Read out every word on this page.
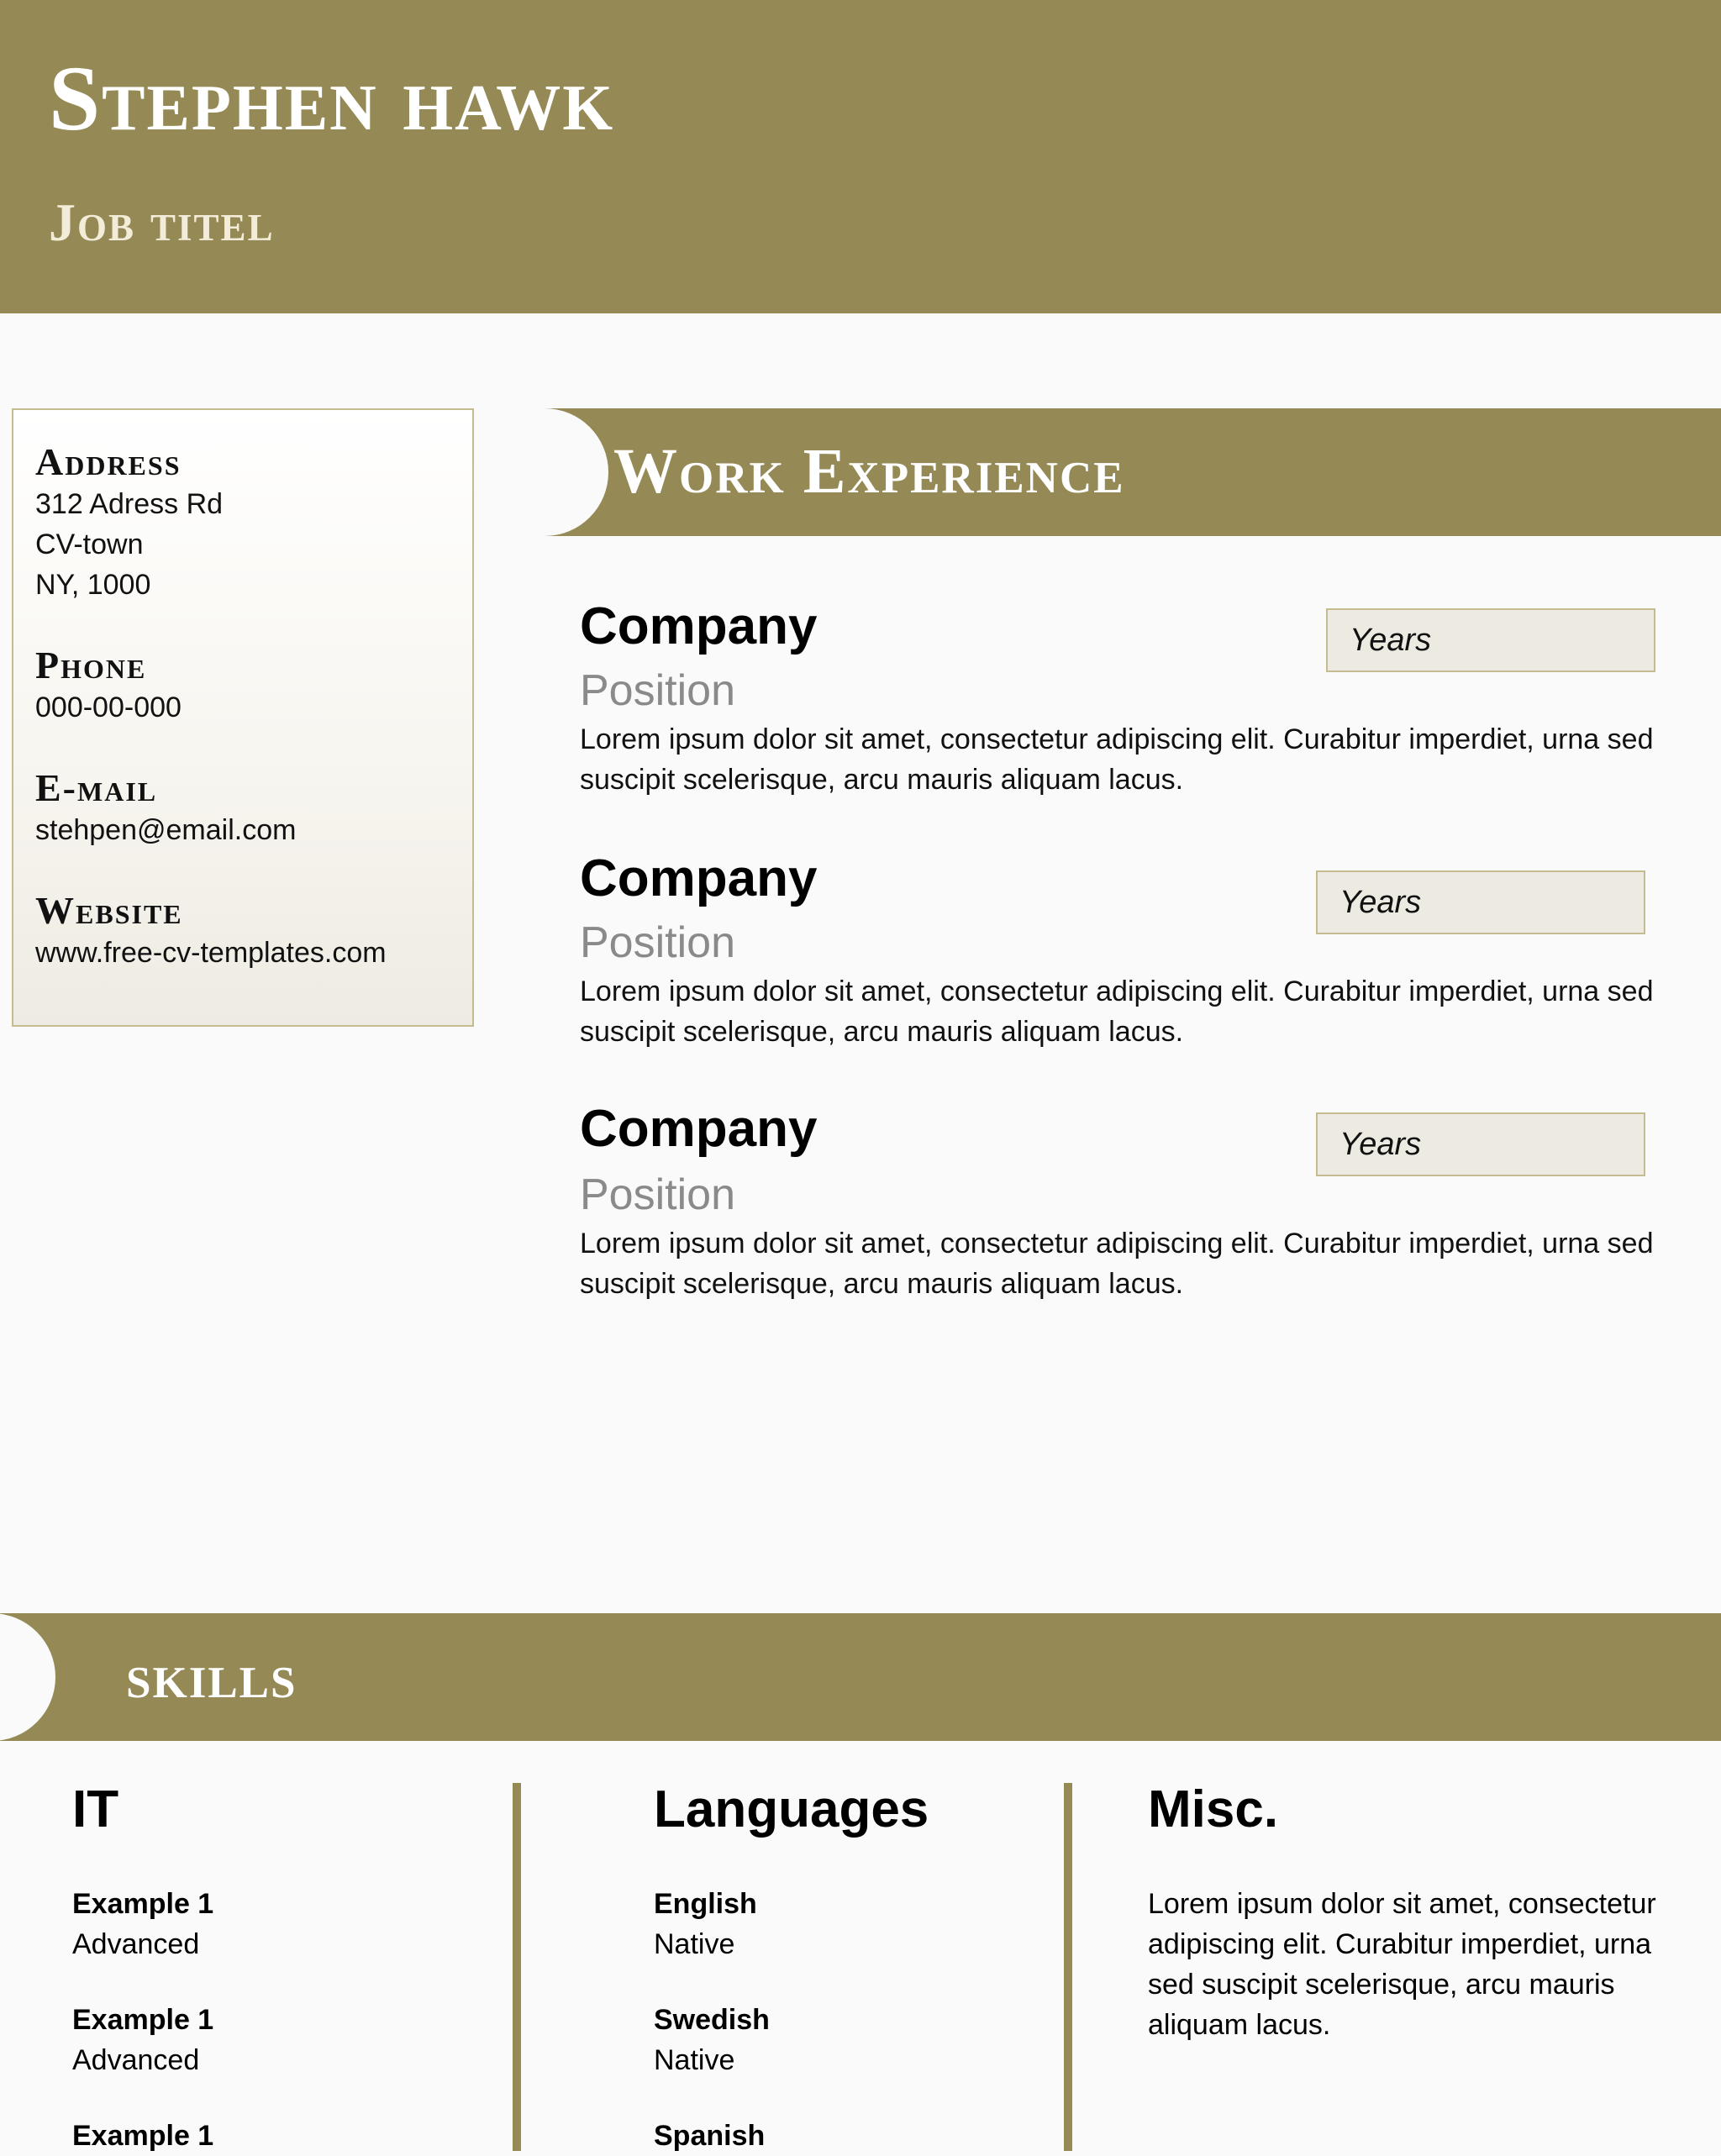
Stephen hawk
Job titel
Address
312 Adress Rd
CV-town
NY, 1000
Phone
000-00-000
E-mail
stehpen@email.com
Website
www.free-cv-templates.com
Work Experience
Company
Position
Years

Lorem ipsum dolor sit amet, consectetur adipiscing elit. Curabitur imperdiet, urna sed suscipit scelerisque, arcu mauris aliquam lacus.

Company
Position
Years

Lorem ipsum dolor sit amet, consectetur adipiscing elit. Curabitur imperdiet, urna sed suscipit scelerisque, arcu mauris aliquam lacus.

Company
Position
Years

Lorem ipsum dolor sit amet, consectetur adipiscing elit. Curabitur imperdiet, urna sed suscipit scelerisque, arcu mauris aliquam lacus.

skills
IT
Example 1
Advanced
Example 1
Advanced
Example 1
Languages
English
Native
Swedish
Native
Spanish
Misc.

Lorem ipsum dolor sit amet, consectetur adipiscing elit. Curabitur imperdiet, urna sed suscipit scelerisque, arcu mauris aliquam lacus.
